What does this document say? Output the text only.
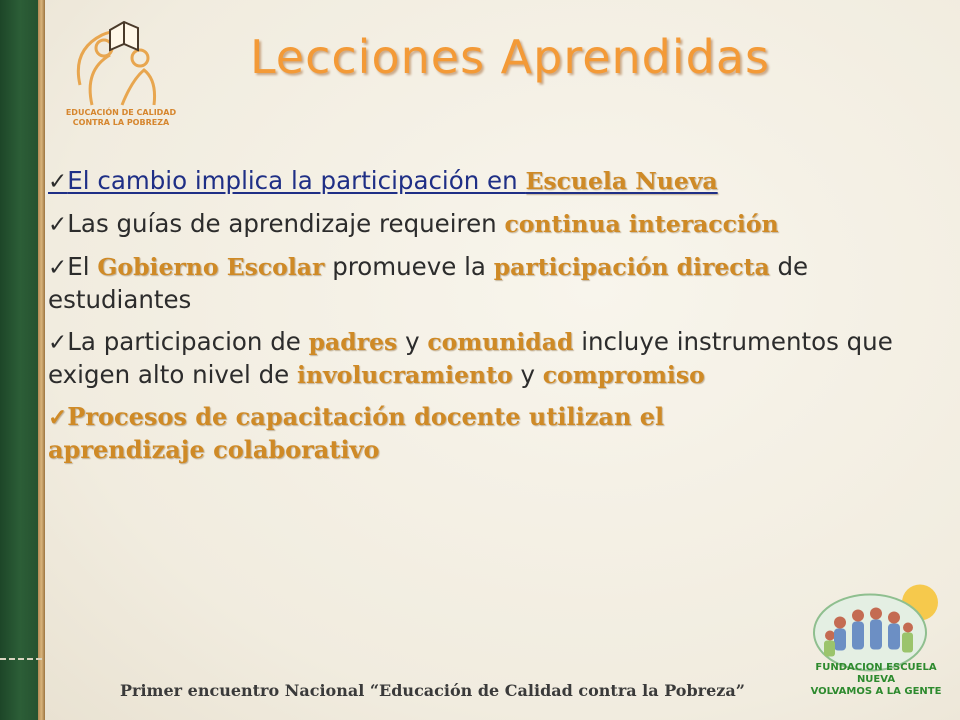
EDUCACIÓN DE CALIDAD
CONTRA LA POBREZA
Lecciones Aprendidas

✓El cambio implica la participación en Escuela Nueva

✓Las guías de aprendizaje requeiren continua interacción

✓El Gobierno Escolar promueve la participación directa de estudiantes

✓La participacion de padres y comunidad incluye instrumentos que exigen alto nivel de involucramiento y compromiso

✓Procesos de capacitación docente utilizan el aprendizaje colaborativo

FUNDACION ESCUELA NUEVA
VOLVAMOS A LA GENTE
Primer encuentro Nacional “Educación de Calidad contra la Pobreza”
